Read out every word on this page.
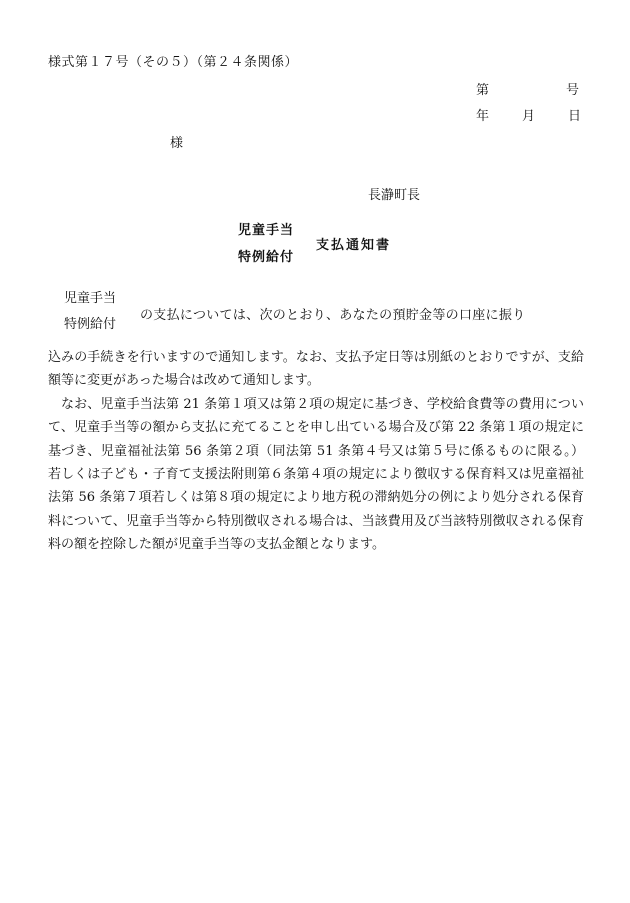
様式第１７号（その５）（第２４条関係）
第	号
年	月	日
様
長瀞町長
児童手当
特例給付
支払通知書
児童手当
特例給付
の支払については、次のとおり、あなたの預貯金等の口座に振り

込みの手続きを行いますので通知します。なお、支払予定日等は別紙のとおりですが、支給額等に変更があった場合は改めて通知します。

なお、児童手当法第 21 条第１項又は第２項の規定に基づき、学校給食費等の費用について、児童手当等の額から支払に充てることを申し出ている場合及び第 22 条第１項の規定に基づき、児童福祉法第 56 条第２項（同法第 51 条第４号又は第５号に係るものに限る。）若しくは子ども・子育て支援法附則第６条第４項の規定により徴収する保育料又は児童福祉法第 56 条第７項若しくは第８項の規定により地方税の滞納処分の例により処分される保育料について、児童手当等から特別徴収される場合は、当該費用及び当該特別徴収される保育料の額を控除した額が児童手当等の支払金額となります。
